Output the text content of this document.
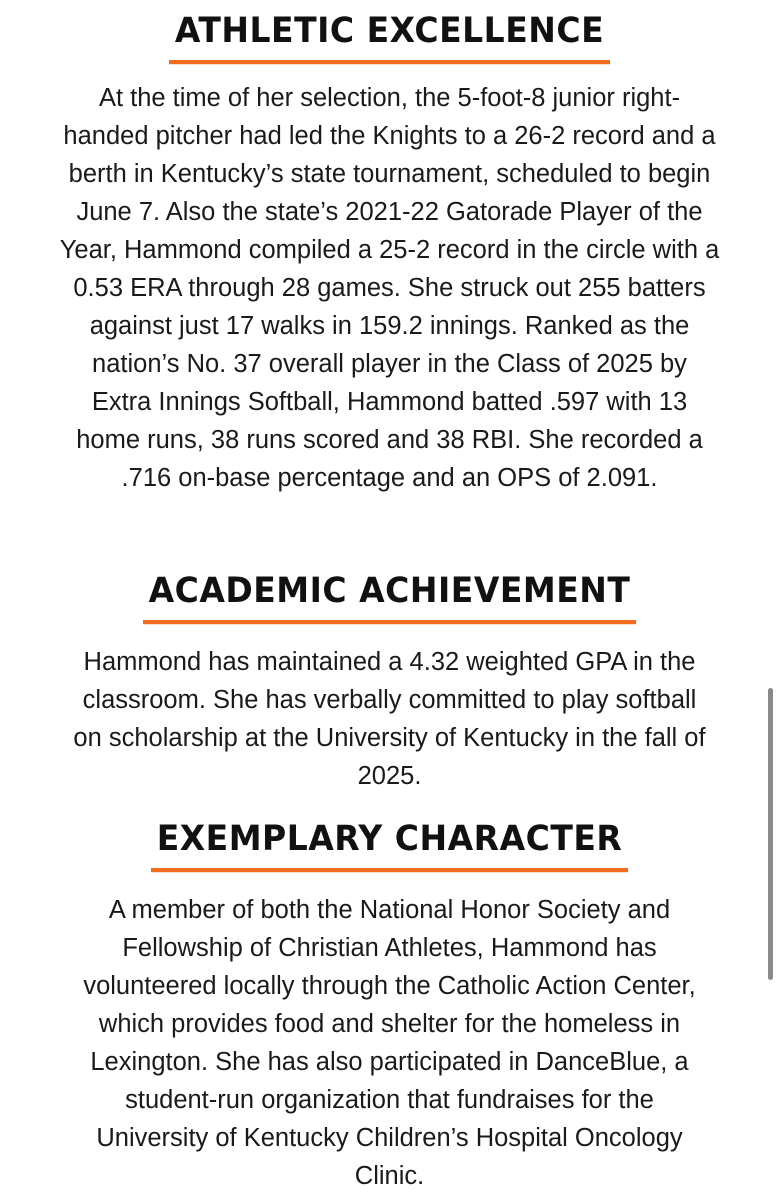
ATHLETIC EXCELLENCE

At the time of her selection, the 5-foot-8 junior right-handed pitcher had led the Knights to a 26-2 record and a berth in Kentucky’s state tournament, scheduled to begin June 7. Also the state’s 2021-22 Gatorade Player of the Year, Hammond compiled a 25-2 record in the circle with a 0.53 ERA through 28 games. She struck out 255 batters against just 17 walks in 159.2 innings. Ranked as the nation’s No. 37 overall player in the Class of 2025 by Extra Innings Softball, Hammond batted .597 with 13 home runs, 38 runs scored and 38 RBI. She recorded a .716 on-base percentage and an OPS of 2.091.

ACADEMIC ACHIEVEMENT

Hammond has maintained a 4.32 weighted GPA in the classroom. She has verbally committed to play softball on scholarship at the University of Kentucky in the fall of 2025.

EXEMPLARY CHARACTER

A member of both the National Honor Society and Fellowship of Christian Athletes, Hammond has volunteered locally through the Catholic Action Center, which provides food and shelter for the homeless in Lexington. She has also participated in DanceBlue, a student-run organization that fundraises for the University of Kentucky Children’s Hospital Oncology Clinic.
